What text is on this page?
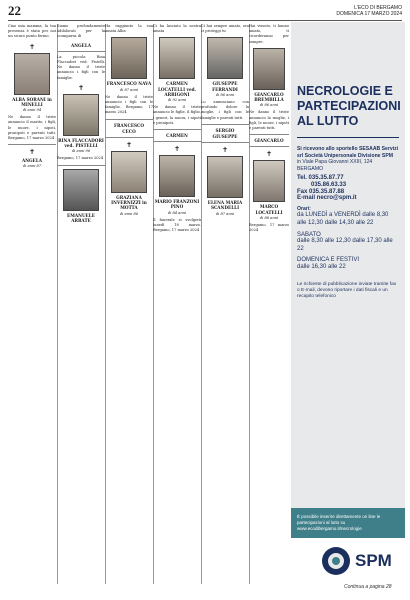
22	L'ECO DI BERGAMO
DOMENICA 17 MARZO 2024

Ciao mia mamma, la tua presenza è stata per noi un sicuro punto fermo.

✝
ALBA SORANI in MINELLI
di anni 94

Ne danno il triste annuncio il marito, i figli, le nuore, i nipoti, pronipoti e parenti tutti. Bergamo, 17 marzo 2024

✝
ANGELA
di anni 87

Siamo profondamente addolorati per la scomparsa di

ANGELA

La piccola Rina Flaccadori ved. Pistelli. Ne danno il triste annuncio i figli con le famiglie.

✝
RINA FLACCADORI ved. PISTELLI
di anni 96

Bergamo, 17 marzo 2024

EMANUELE ARRATE

Ha raggiunto la sua amata Alba

FRANCESCO NAVA
di 87 anni

Ne danno il triste annuncio i figli con le famiglie. Bergamo, 17 marzo 2024

FRANCESCO
CECO
✝
GRAZIANA INVERNIZZI in MOTTA
di anni 86

Ci ha lasciato la nostra amata

CARMEN LOCATELLI ved. ARRIGONI
di 92 anni

Ne danno il triste annuncio le figlie, il figlio, i generi, la nuora, i nipoti e pronipoti.

CARMEN
✝
MARIO FRANZONI PINO
di 84 anni

Il funerale si svolgerà lunedì 18 marzo. Bergamo, 17 marzo 2024

Ci hai sempre amato, ora ci proteggi tu

GIUSEPPE FERRANDI
di 86 anni

Lo annunciano con profondo dolore la moglie, i figli con le famiglie e parenti tutti.

SERGIO
GIUSEPPE
✝
ELENA MARIA SCANDELLI
di 87 anni

Hai vissuto, ti hanno amato, ti ricorderanno per sempre.

GIANCARLO BREMBILLA
di 86 anni

Ne danno il triste annuncio la moglie, i figli, le nuore, i nipoti e parenti tutti.

GIANCARLO
✝
MARCO LOCATELLI
di 88 anni

Bergamo, 17 marzo 2024

NECROLOGIE E
PARTECIPAZIONI
AL LUTTO
Si ricevono allo sportello SESAAB Servizi srl Società Unipersonale Divisione SPM
in Viale Papa Giovanni XXIII, 124 BERGAMO
Tel. 035.35.87.77
035.86.63.33
Fax 035.35.87.88
E-mail necro@spm.it
Orari:
da LUNEDÌ a VENERDÌ dalle 8,30 alle 12,30 dalle 14,30 alle 22
SABATO
dalle 8,30 alle 12,30 dalle 17,30 alle 22
DOMENICA E FESTIVI
dalle 16,30 alle 22
Le richieste di pubblicazione inviate tramite fax o E-mail, devono riportare i dati fiscali e un recapito telefonico
È possibile inserire direttamente on line le partecipazioni al lutto su www.ecodibergamo.it/necrologie
SPM
Continua a pagina 28
